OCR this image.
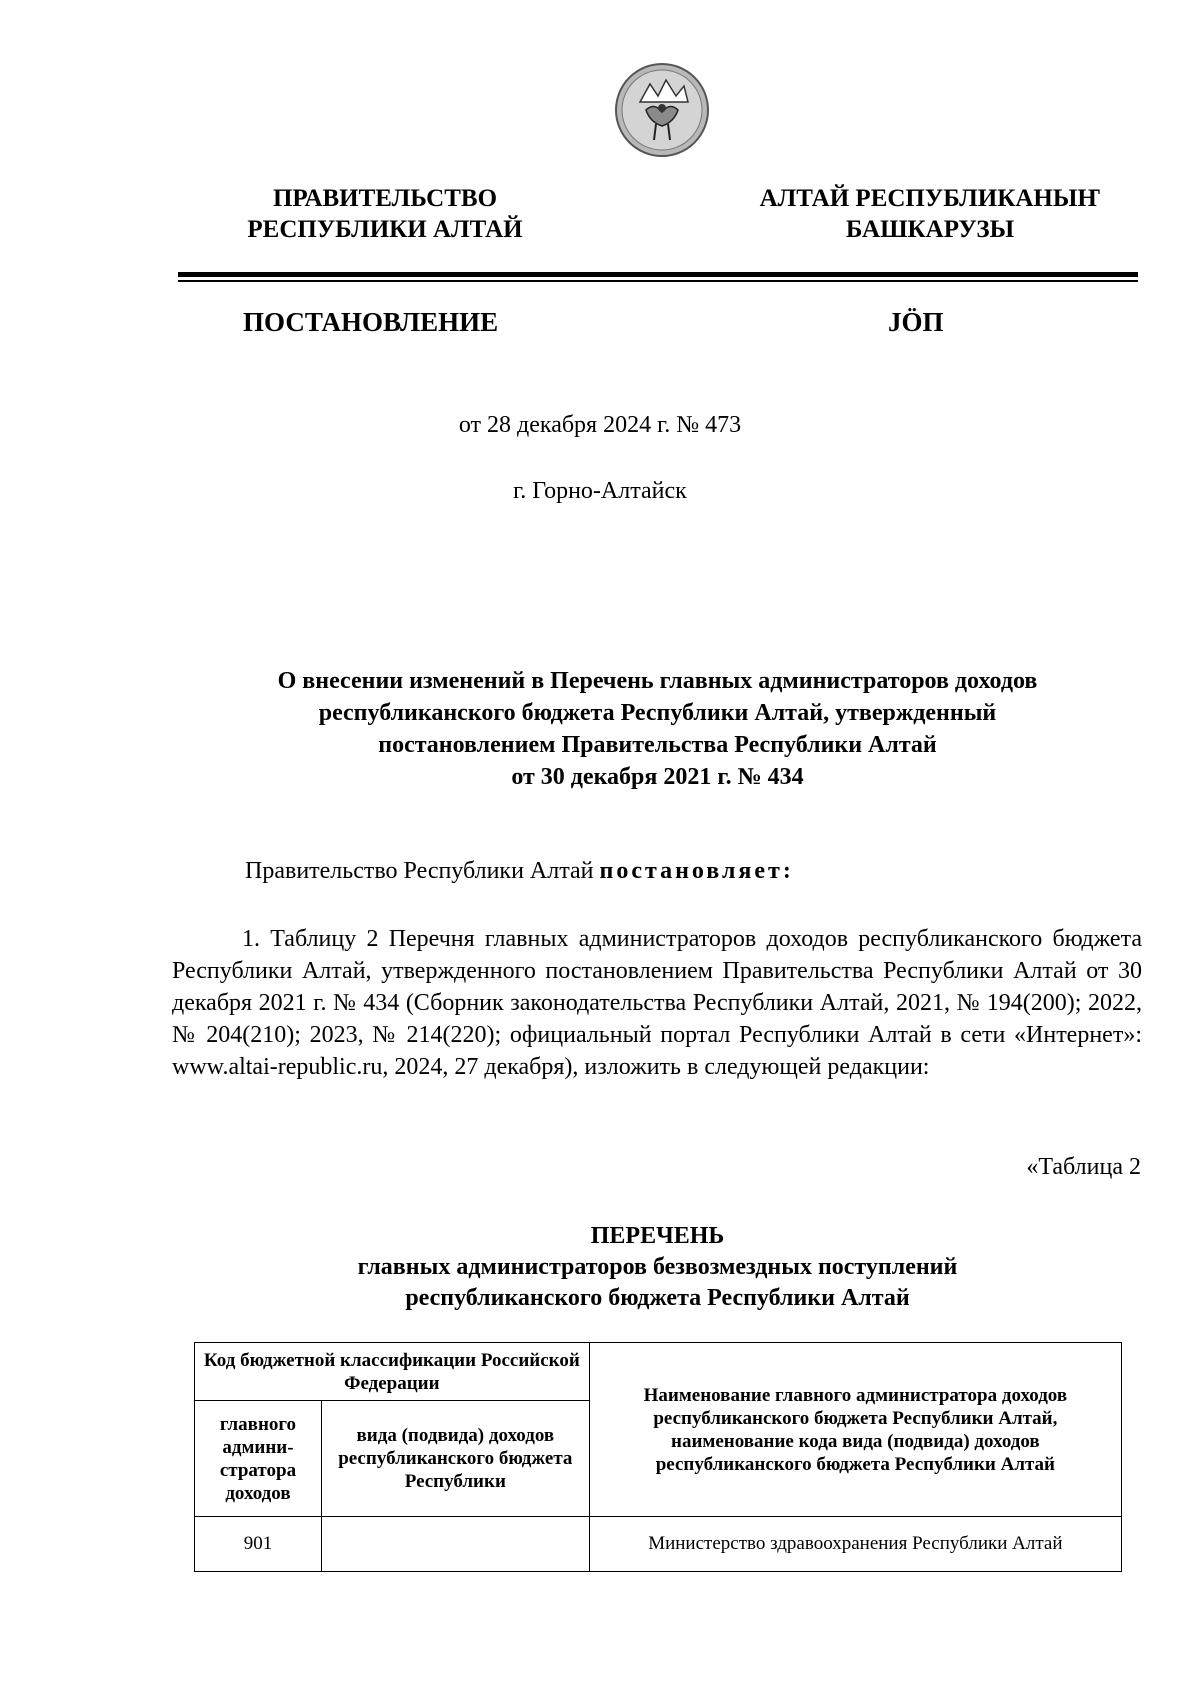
ПРАВИТЕЛЬСТВО
РЕСПУБЛИКИ АЛТАЙ
АЛТАЙ РЕСПУБЛИКАНЫҤ
БАШКАРУЗЫ
ПОСТАНОВЛЕНИЕ	JÖП
от 28 декабря 2024 г. № 473
г. Горно-Алтайск
О внесении изменений в Перечень главных администраторов доходов
республиканского бюджета Республики Алтай, утвержденный
постановлением Правительства Республики Алтай
от 30 декабря 2021 г. № 434
Правительство Республики Алтай постановляет:
1. Таблицу 2 Перечня главных администраторов доходов республиканского бюджета Республики Алтай, утвержденного постановлением Правительства Республики Алтай от 30 декабря 2021 г. № 434 (Сборник законодательства Республики Алтай, 2021, № 194(200); 2022, № 204(210); 2023, № 214(220); официальный портал Республики Алтай в сети «Интернет»: www.altai-republic.ru, 2024, 27 декабря), изложить в следующей редакции:
«Таблица 2
ПЕРЕЧЕНЬ
главных администраторов безвозмездных поступлений
республиканского бюджета Республики Алтай
Код бюджетной классификации Российской Федерации		Наименование главного администратора доходов республиканского бюджета Республики Алтай, наименование кода вида (подвида) доходов республиканского бюджета Республики Алтай
главного админи-стратора доходов	вида (подвида) доходов республиканского бюджета Республики	
901		Министерство здравоохранения Республики Алтай
